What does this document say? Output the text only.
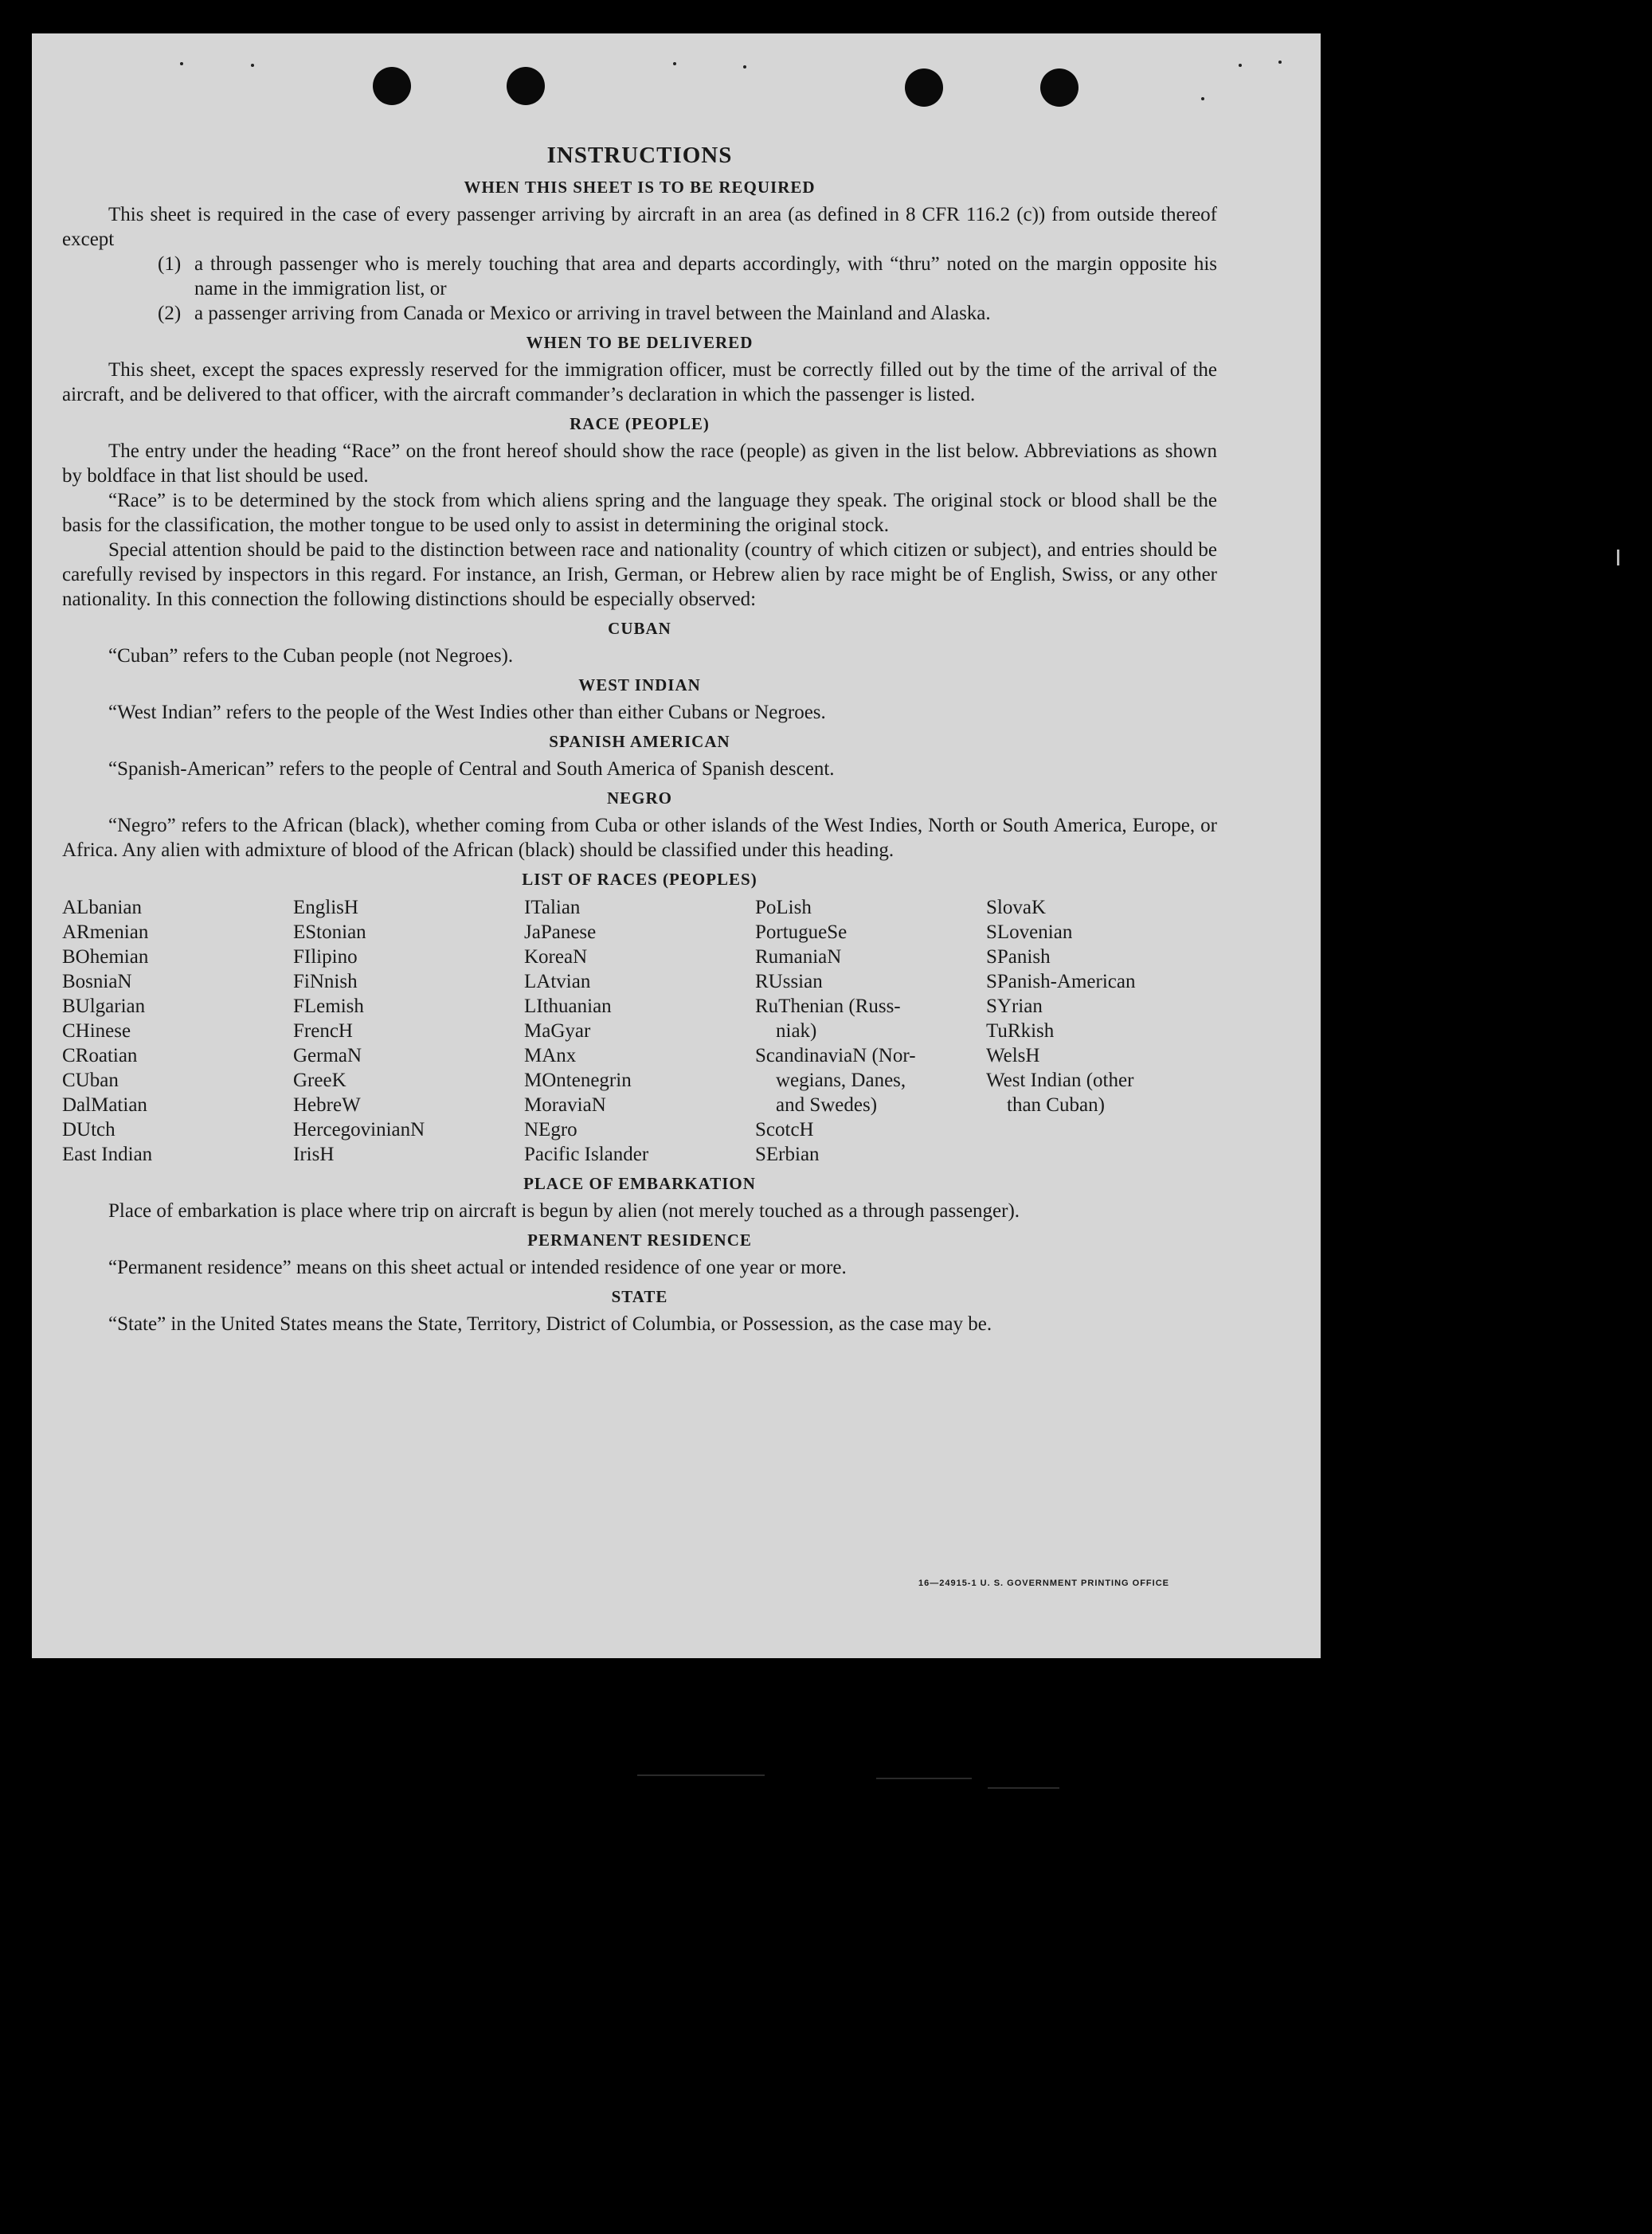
INSTRUCTIONS
WHEN THIS SHEET IS TO BE REQUIRED

This sheet is required in the case of every passenger arriving by aircraft in an area (as defined in 8 CFR 116.2 (c)) from outside thereof except

(1) a through passenger who is merely touching that area and departs accordingly, with “thru” noted on the margin opposite his name in the immigration list, or
(2) a passenger arriving from Canada or Mexico or arriving in travel between the Mainland and Alaska.
WHEN TO BE DELIVERED

This sheet, except the spaces expressly reserved for the immigration officer, must be correctly filled out by the time of the arrival of the aircraft, and be delivered to that officer, with the aircraft commander’s declaration in which the passenger is listed.

RACE (PEOPLE)

The entry under the heading “Race” on the front hereof should show the race (people) as given in the list below. Abbreviations as shown by boldface in that list should be used.

“Race” is to be determined by the stock from which aliens spring and the language they speak. The original stock or blood shall be the basis for the classification, the mother tongue to be used only to assist in determining the original stock.

Special attention should be paid to the distinction between race and nationality (country of which citizen or subject), and entries should be carefully revised by inspectors in this regard. For instance, an Irish, German, or Hebrew alien by race might be of English, Swiss, or any other nationality. In this connection the following distinctions should be especially observed:

CUBAN

“Cuban” refers to the Cuban people (not Negroes).

WEST INDIAN

“West Indian” refers to the people of the West Indies other than either Cubans or Negroes.

SPANISH AMERICAN

“Spanish-American” refers to the people of Central and South America of Spanish descent.

NEGRO

“Negro” refers to the African (black), whether coming from Cuba or other islands of the West Indies, North or South America, Europe, or Africa. Any alien with admixture of blood of the African (black) should be classified under this heading.

LIST OF RACES (PEOPLES)
ALbanian
ARmenian
BOhemian
BosniaN
BUlgarian
CHinese
CRoatian
CUban
DalMatian
DUtch
East Indian
EnglisH
EStonian
FIlipino
FiNnish
FLemish
FrencH
GermaN
GreeK
HebreW
HercegovinianN
IrisH
ITalian
JaPanese
KoreaN
LAtvian
LIthuanian
MaGyar
MAnx
MOntenegrin
MoraviaN
NEgro
Pacific Islander
PoLish
PortugueSe
RumaniaN
RUssian
RuThenian (Russ-
niak)
ScandinaviaN (Nor-
wegians, Danes,
and Swedes)
ScotcH
SErbian
SlovaK
SLovenian
SPanish
SPanish-American
SYrian
TuRkish
WelsH
West Indian (other
than Cuban)
PLACE OF EMBARKATION

Place of embarkation is place where trip on aircraft is begun by alien (not merely touched as a through passenger).

PERMANENT RESIDENCE

“Permanent residence” means on this sheet actual or intended residence of one year or more.

STATE

“State” in the United States means the State, Territory, District of Columbia, or Possession, as the case may be.

16—24915-1 U. S. GOVERNMENT PRINTING OFFICE
